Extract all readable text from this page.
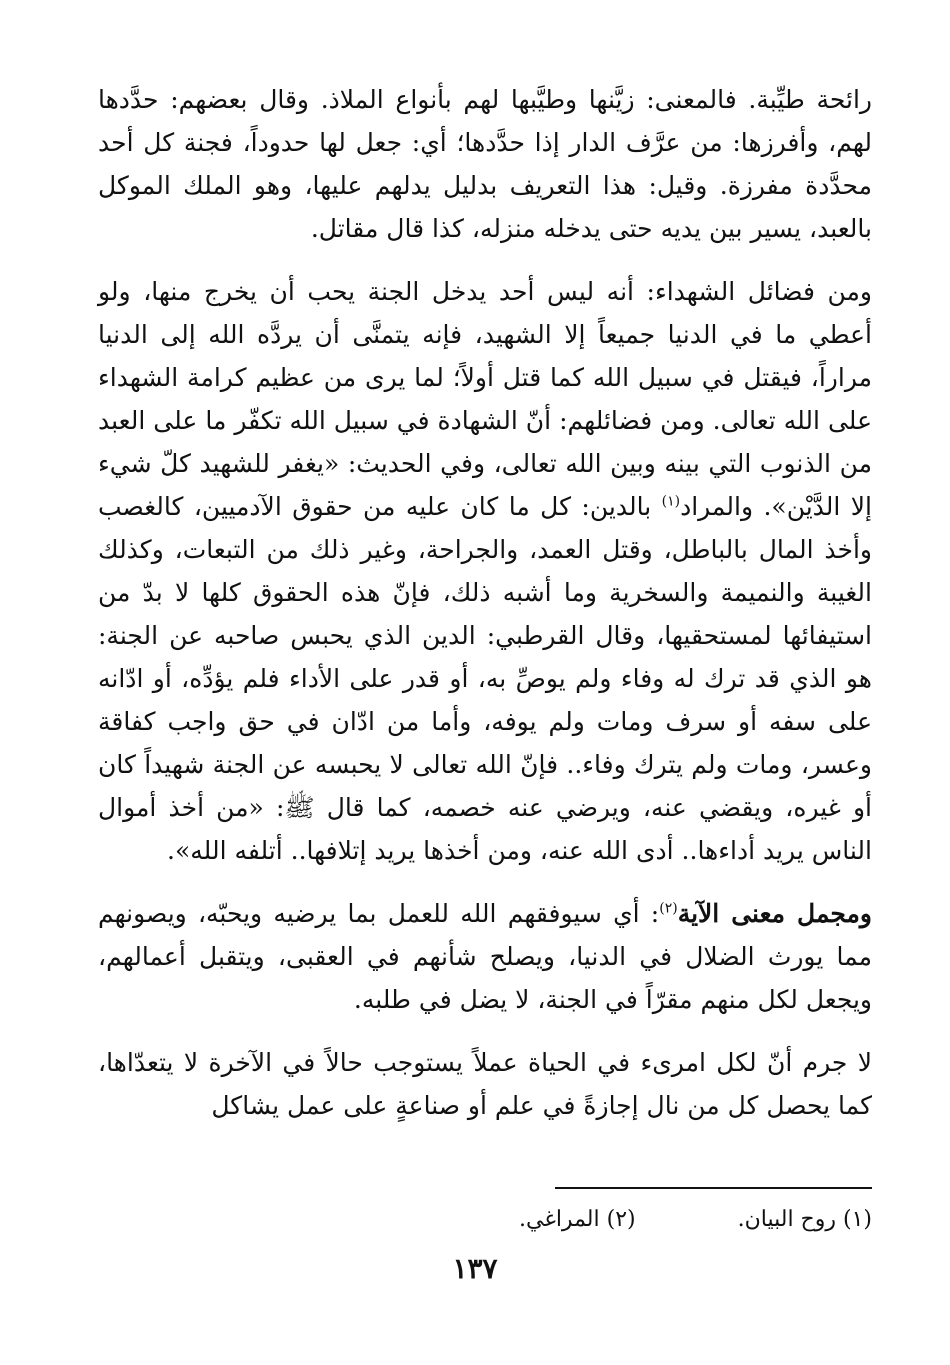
رائحة طيِّبة. فالمعنى: زيَّنها وطيَّبها لهم بأنواع الملاذ. وقال بعضهم: حدَّدها لهم، وأفرزها: من عرَّف الدار إذا حدَّدها؛ أي: جعل لها حدوداً، فجنة كل أحد محدَّدة مفرزة. وقيل: هذا التعريف بدليل يدلهم عليها، وهو الملك الموكل بالعبد، يسير بين يديه حتى يدخله منزله، كذا قال مقاتل.

ومن فضائل الشهداء: أنه ليس أحد يدخل الجنة يحب أن يخرج منها، ولو أعطي ما في الدنيا جميعاً إلا الشهيد، فإنه يتمنَّى أن يردَّه الله إلى الدنيا مراراً، فيقتل في سبيل الله كما قتل أولاً؛ لما يرى من عظيم كرامة الشهداء على الله تعالى. ومن فضائلهم: أنّ الشهادة في سبيل الله تكفّر ما على العبد من الذنوب التي بينه وبين الله تعالى، وفي الحديث: «يغفر للشهيد كلّ شيء إلا الدَّيْن». والمراد$^{(١)}$ بالدين: كل ما كان عليه من حقوق الآدميين، كالغصب وأخذ المال بالباطل، وقتل العمد، والجراحة، وغير ذلك من التبعات، وكذلك الغيبة والنميمة والسخرية وما أشبه ذلك، فإنّ هذه الحقوق كلها لا بدّ من استيفائها لمستحقيها، وقال القرطبي: الدين الذي يحبس صاحبه عن الجنة: هو الذي قد ترك له وفاء ولم يوصِّ به، أو قدر على الأداء فلم يؤدِّه، أو ادّانه على سفه أو سرف ومات ولم يوفه، وأما من ادّان في حق واجب كفاقة وعسر، ومات ولم يترك وفاء.. فإنّ الله تعالى لا يحبسه عن الجنة شهيداً كان أو غيره، ويقضي عنه، ويرضي عنه خصمه، كما قال ﷺ: «من أخذ أموال الناس يريد أداءها.. أدى الله عنه، ومن أخذها يريد إتلافها.. أتلفه الله».

ومجمل معنى الآية$^{(٢)}$: أي سيوفقهم الله للعمل بما يرضيه ويحبّه، ويصونهم مما يورث الضلال في الدنيا، ويصلح شأنهم في العقبى، ويتقبل أعمالهم، ويجعل لكل منهم مقرّاً في الجنة، لا يضل في طلبه.

لا جرم أنّ لكل امرىء في الحياة عملاً يستوجب حالاً في الآخرة لا يتعدّاها، كما يحصل كل من نال إجازةً في علم أو صناعةٍ على عمل يشاكل

(١) روح البيان. (٢) المراغي.
١٣٧
